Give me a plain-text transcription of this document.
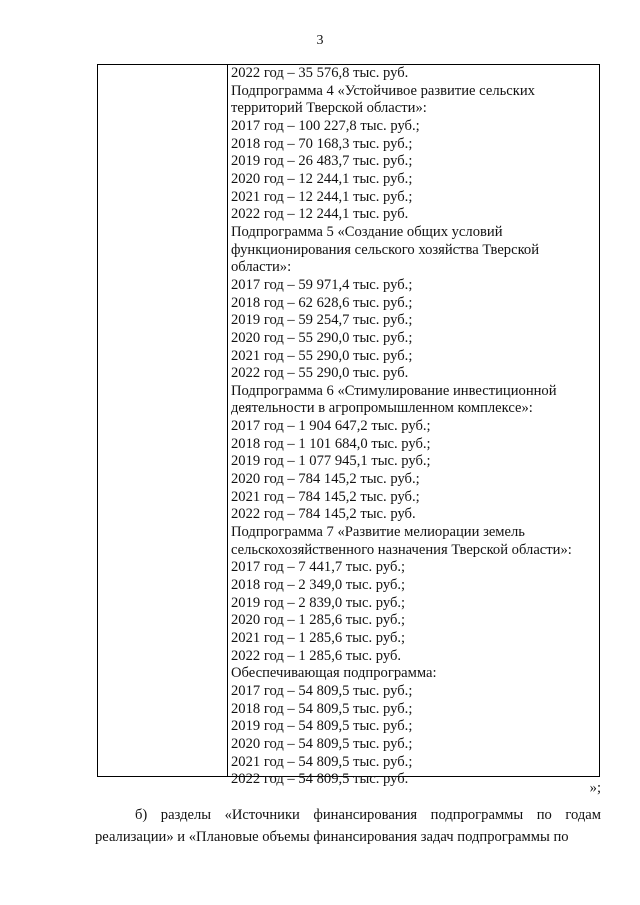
3
2022 год – 35 576,8 тыс. руб.
Подпрограмма 4 «Устойчивое развитие сельских
территорий Тверской области»:
2017 год – 100 227,8 тыс. руб.;
2018 год – 70 168,3 тыс. руб.;
2019 год – 26 483,7 тыс. руб.;
2020 год – 12 244,1 тыс. руб.;
2021 год – 12 244,1 тыс. руб.;
2022 год – 12 244,1 тыс. руб.
Подпрограмма 5 «Создание общих условий
функционирования сельского хозяйства Тверской
области»:
2017 год – 59 971,4 тыс. руб.;
2018 год – 62 628,6 тыс. руб.;
2019 год – 59 254,7 тыс. руб.;
2020 год – 55 290,0 тыс. руб.;
2021 год – 55 290,0 тыс. руб.;
2022 год – 55 290,0 тыс. руб.
Подпрограмма 6 «Стимулирование инвестиционной
деятельности в агропромышленном комплексе»:
2017 год – 1 904 647,2 тыс. руб.;
2018 год – 1 101 684,0 тыс. руб.;
2019 год – 1 077 945,1 тыс. руб.;
2020 год – 784 145,2 тыс. руб.;
2021 год – 784 145,2 тыс. руб.;
2022 год – 784 145,2 тыс. руб.
Подпрограмма 7 «Развитие мелиорации земель
сельскохозяйственного назначения Тверской области»:
2017 год – 7 441,7 тыс. руб.;
2018 год – 2 349,0 тыс. руб.;
2019 год – 2 839,0 тыс. руб.;
2020 год – 1 285,6 тыс. руб.;
2021 год – 1 285,6 тыс. руб.;
2022 год – 1 285,6 тыс. руб.
Обеспечивающая подпрограмма:
2017 год – 54 809,5 тыс. руб.;
2018 год – 54 809,5 тыс. руб.;
2019 год – 54 809,5 тыс. руб.;
2020 год – 54 809,5 тыс. руб.;
2021 год – 54 809,5 тыс. руб.;
2022 год – 54 809,5 тыс. руб.
»;
б) разделы «Источники финансирования подпрограммы по годам реализации» и «Плановые объемы финансирования задач подпрограммы по
